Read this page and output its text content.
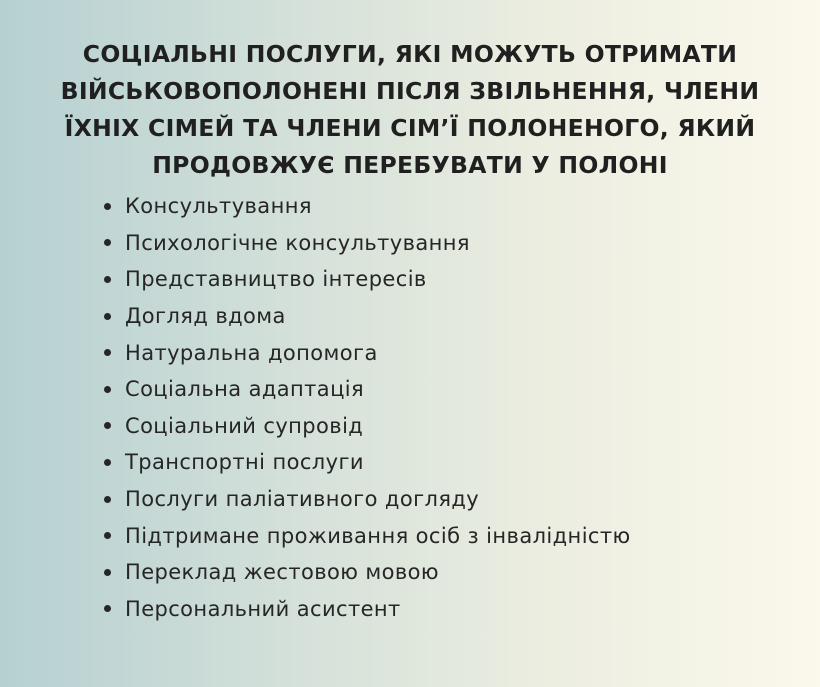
СОЦІАЛЬНІ ПОСЛУГИ, ЯКІ МОЖУТЬ ОТРИМАТИ
ВІЙСЬКОВОПОЛОНЕНІ ПІСЛЯ ЗВІЛЬНЕННЯ, ЧЛЕНИ
ЇХНІХ СІМЕЙ ТА ЧЛЕНИ СІМ’Ї ПОЛОНЕНОГО, ЯКИЙ
ПРОДОВЖУЄ ПЕРЕБУВАТИ У ПОЛОНІ
Консультування
Психологічне консультування
Представництво інтересів
Догляд вдома
Натуральна допомога
Соціальна адаптація
Соціальний супровід
Транспортні послуги
Послуги паліативного догляду
Підтримане проживання осіб з інвалідністю
Переклад жестовою мовою
Персональний асистент
